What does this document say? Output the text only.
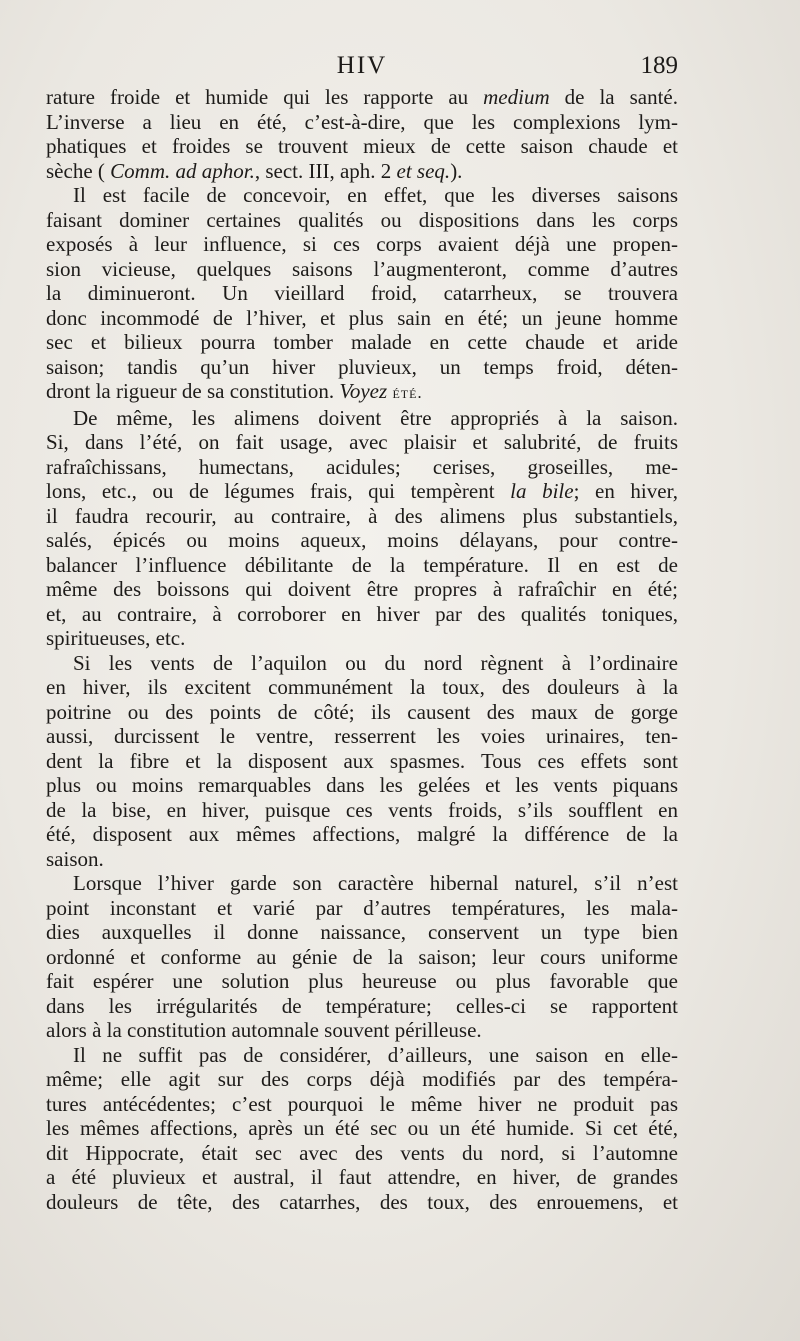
HIV	189

rature froide et humide qui les rapporte au medium de la santé.
L’inverse a lieu en été, c’est-à-dire, que les complexions lym-
phatiques et froides se trouvent mieux de cette saison chaude et
sèche ( Comm. ad aphor., sect. III, aph. 2 et seq.).

Il est facile de concevoir, en effet, que les diverses saisons
faisant dominer certaines qualités ou dispositions dans les corps
exposés à leur influence, si ces corps avaient déjà une propen-
sion vicieuse, quelques saisons l’augmenteront, comme d’autres
la diminueront. Un vieillard froid, catarrheux, se trouvera
donc incommodé de l’hiver, et plus sain en été; un jeune homme
sec et bilieux pourra tomber malade en cette chaude et aride
saison; tandis qu’un hiver pluvieux, un temps froid, déten-
dront la rigueur de sa constitution. Voyez été.

De même, les alimens doivent être appropriés à la saison.
Si, dans l’été, on fait usage, avec plaisir et salubrité, de fruits
rafraîchissans, humectans, acidules; cerises, groseilles, me-
lons, etc., ou de légumes frais, qui tempèrent la bile; en hiver,
il faudra recourir, au contraire, à des alimens plus substantiels,
salés, épicés ou moins aqueux, moins délayans, pour contre-
balancer l’influence débilitante de la température. Il en est de
même des boissons qui doivent être propres à rafraîchir en été;
et, au contraire, à corroborer en hiver par des qualités toniques,
spiritueuses, etc.

Si les vents de l’aquilon ou du nord règnent à l’ordinaire
en hiver, ils excitent communément la toux, des douleurs à la
poitrine ou des points de côté; ils causent des maux de gorge
aussi, durcissent le ventre, resserrent les voies urinaires, ten-
dent la fibre et la disposent aux spasmes. Tous ces effets sont
plus ou moins remarquables dans les gelées et les vents piquans
de la bise, en hiver, puisque ces vents froids, s’ils soufflent en
été, disposent aux mêmes affections, malgré la différence de la
saison.

Lorsque l’hiver garde son caractère hibernal naturel, s’il n’est
point inconstant et varié par d’autres températures, les mala-
dies auxquelles il donne naissance, conservent un type bien
ordonné et conforme au génie de la saison; leur cours uniforme
fait espérer une solution plus heureuse ou plus favorable que
dans les irrégularités de température; celles-ci se rapportent
alors à la constitution automnale souvent périlleuse.

Il ne suffit pas de considérer, d’ailleurs, une saison en elle-
même; elle agit sur des corps déjà modifiés par des tempéra-
tures antécédentes; c’est pourquoi le même hiver ne produit pas
les mêmes affections, après un été sec ou un été humide. Si cet été,
dit Hippocrate, était sec avec des vents du nord, si l’automne
a été pluvieux et austral, il faut attendre, en hiver, de grandes
douleurs de tête, des catarrhes, des toux, des enrouemens, et
